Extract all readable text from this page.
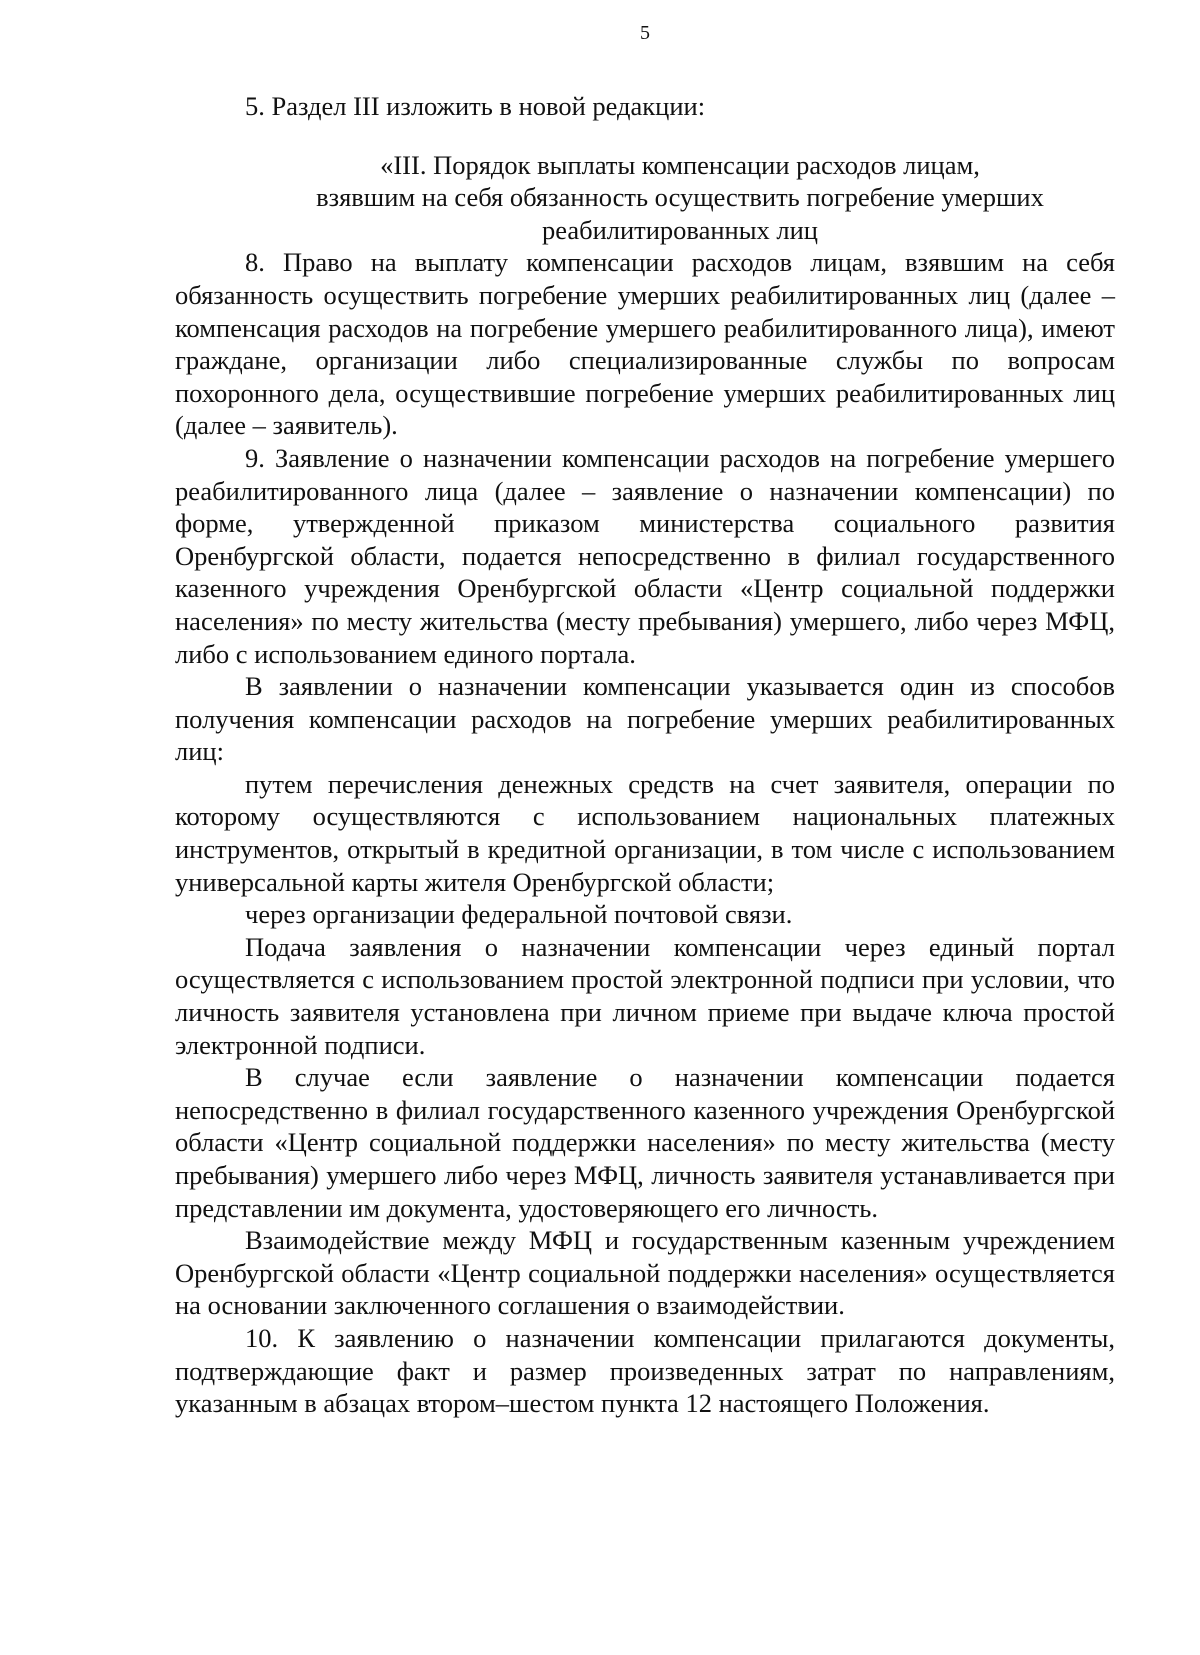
5

5. Раздел III изложить в новой редакции:

«III. Порядок выплаты компенсации расходов лицам,
взявшим на себя обязанность осуществить погребение умерших
реабилитированных лиц

8. Право на выплату компенсации расходов лицам, взявшим на себя обязанность осуществить погребение умерших реабилитированных лиц (далее – компенсация расходов на погребение умершего реабилитированного лица), имеют граждане, организации либо специализированные службы по вопросам похоронного дела, осуществившие погребение умерших реабилитированных лиц (далее – заявитель).

9. Заявление о назначении компенсации расходов на погребение умершего реабилитированного лица (далее – заявление о назначении компенсации) по форме, утвержденной приказом министерства социального развития Оренбургской области, подается непосредственно в филиал государственного казенного учреждения Оренбургской области «Центр социальной поддержки населения» по месту жительства (месту пребывания) умершего, либо через МФЦ, либо с использованием единого портала.

В заявлении о назначении компенсации указывается один из способов получения компенсации расходов на погребение умерших реабилитированных лиц:

путем перечисления денежных средств на счет заявителя, операции по которому осуществляются с использованием национальных платежных инструментов, открытый в кредитной организации, в том числе с использованием универсальной карты жителя Оренбургской области;

через организации федеральной почтовой связи.

Подача заявления о назначении компенсации через единый портал осуществляется с использованием простой электронной подписи при условии, что личность заявителя установлена при личном приеме при выдаче ключа простой электронной подписи.

В случае если заявление о назначении компенсации подается непосредственно в филиал государственного казенного учреждения Оренбургской области «Центр социальной поддержки населения» по месту жительства (месту пребывания) умершего либо через МФЦ, личность заявителя устанавливается при представлении им документа, удостоверяющего его личность.

Взаимодействие между МФЦ и государственным казенным учреждением Оренбургской области «Центр социальной поддержки населения» осуществляется на основании заключенного соглашения о взаимодействии.

10. К заявлению о назначении компенсации прилагаются документы, подтверждающие факт и размер произведенных затрат по направлениям, указанным в абзацах втором–шестом пункта 12 настоящего Положения.
